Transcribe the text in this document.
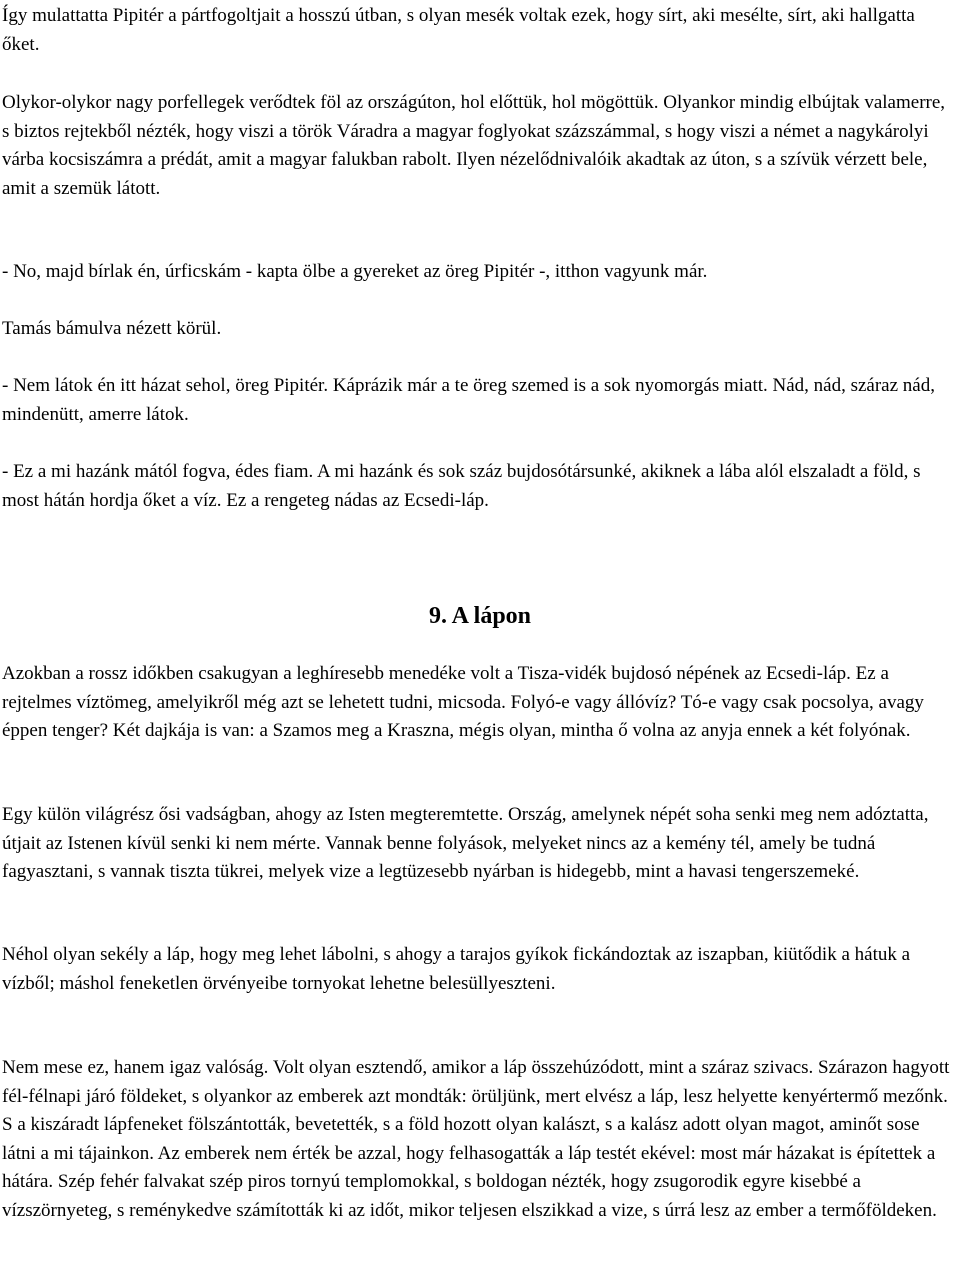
Így mulattatta Pipitér a pártfogoltjait a hosszú útban, s olyan mesék voltak ezek, hogy sírt, aki mesélte, sírt, aki hallgatta őket.

Olykor-olykor nagy porfellegek verődtek föl az országúton, hol előttük, hol mögöttük. Olyankor mindig elbújtak valamerre, s biztos rejtekből nézték, hogy viszi a török Váradra a magyar foglyokat százszámmal, s hogy viszi a német a nagykárolyi várba kocsiszámra a prédát, amit a magyar falukban rabolt. Ilyen nézelődnivalóik akadtak az úton, s a szívük vérzett bele, amit a szemük látott.

- No, majd bírlak én, úrficskám - kapta ölbe a gyereket az öreg Pipitér -, itthon vagyunk már.

Tamás bámulva nézett körül.

- Nem látok én itt házat sehol, öreg Pipitér. Káprázik már a te öreg szemed is a sok nyomorgás miatt. Nád, nád, száraz nád, mindenütt, amerre látok.

- Ez a mi hazánk mától fogva, édes fiam. A mi hazánk és sok száz bujdosótársunké, akiknek a lába alól elszaladt a föld, s most hátán hordja őket a víz. Ez a rengeteg nádas az Ecsedi-láp.

9. A lápon

Azokban a rossz időkben csakugyan a leghíresebb menedéke volt a Tisza-vidék bujdosó népének az Ecsedi-láp. Ez a rejtelmes víztömeg, amelyikről még azt se lehetett tudni, micsoda. Folyó-e vagy állóvíz? Tó-e vagy csak pocsolya, avagy éppen tenger? Két dajkája is van: a Szamos meg a Kraszna, mégis olyan, mintha ő volna az anyja ennek a két folyónak.

Egy külön világrész ősi vadságban, ahogy az Isten megteremtette. Ország, amelynek népét soha senki meg nem adóztatta, útjait az Istenen kívül senki ki nem mérte. Vannak benne folyások, melyeket nincs az a kemény tél, amely be tudná fagyasztani, s vannak tiszta tükrei, melyek vize a legtüzesebb nyárban is hidegebb, mint a havasi tengerszemeké.

Néhol olyan sekély a láp, hogy meg lehet lábolni, s ahogy a tarajos gyíkok fickándoztak az iszapban, kiütődik a hátuk a vízből; máshol feneketlen örvényeibe tornyokat lehetne belesüllyeszteni.

Nem mese ez, hanem igaz valóság. Volt olyan esztendő, amikor a láp összehúzódott, mint a száraz szivacs. Szárazon hagyott fél-félnapi járó földeket, s olyankor az emberek azt mondták: örüljünk, mert elvész a láp, lesz helyette kenyértermő mezőnk. S a kiszáradt lápfeneket fölszántották, bevetették, s a föld hozott olyan kalászt, s a kalász adott olyan magot, aminőt sose látni a mi tájainkon. Az emberek nem érték be azzal, hogy felhasogatták a láp testét ekével: most már házakat is építettek a hátára. Szép fehér falvakat szép piros tornyú templomokkal, s boldogan nézték, hogy zsugorodik egyre kisebbé a vízszörnyeteg, s reménykedve számították ki az időt, mikor teljesen elszikkad a vize, s úrrá lesz az ember a termőföldeken.
